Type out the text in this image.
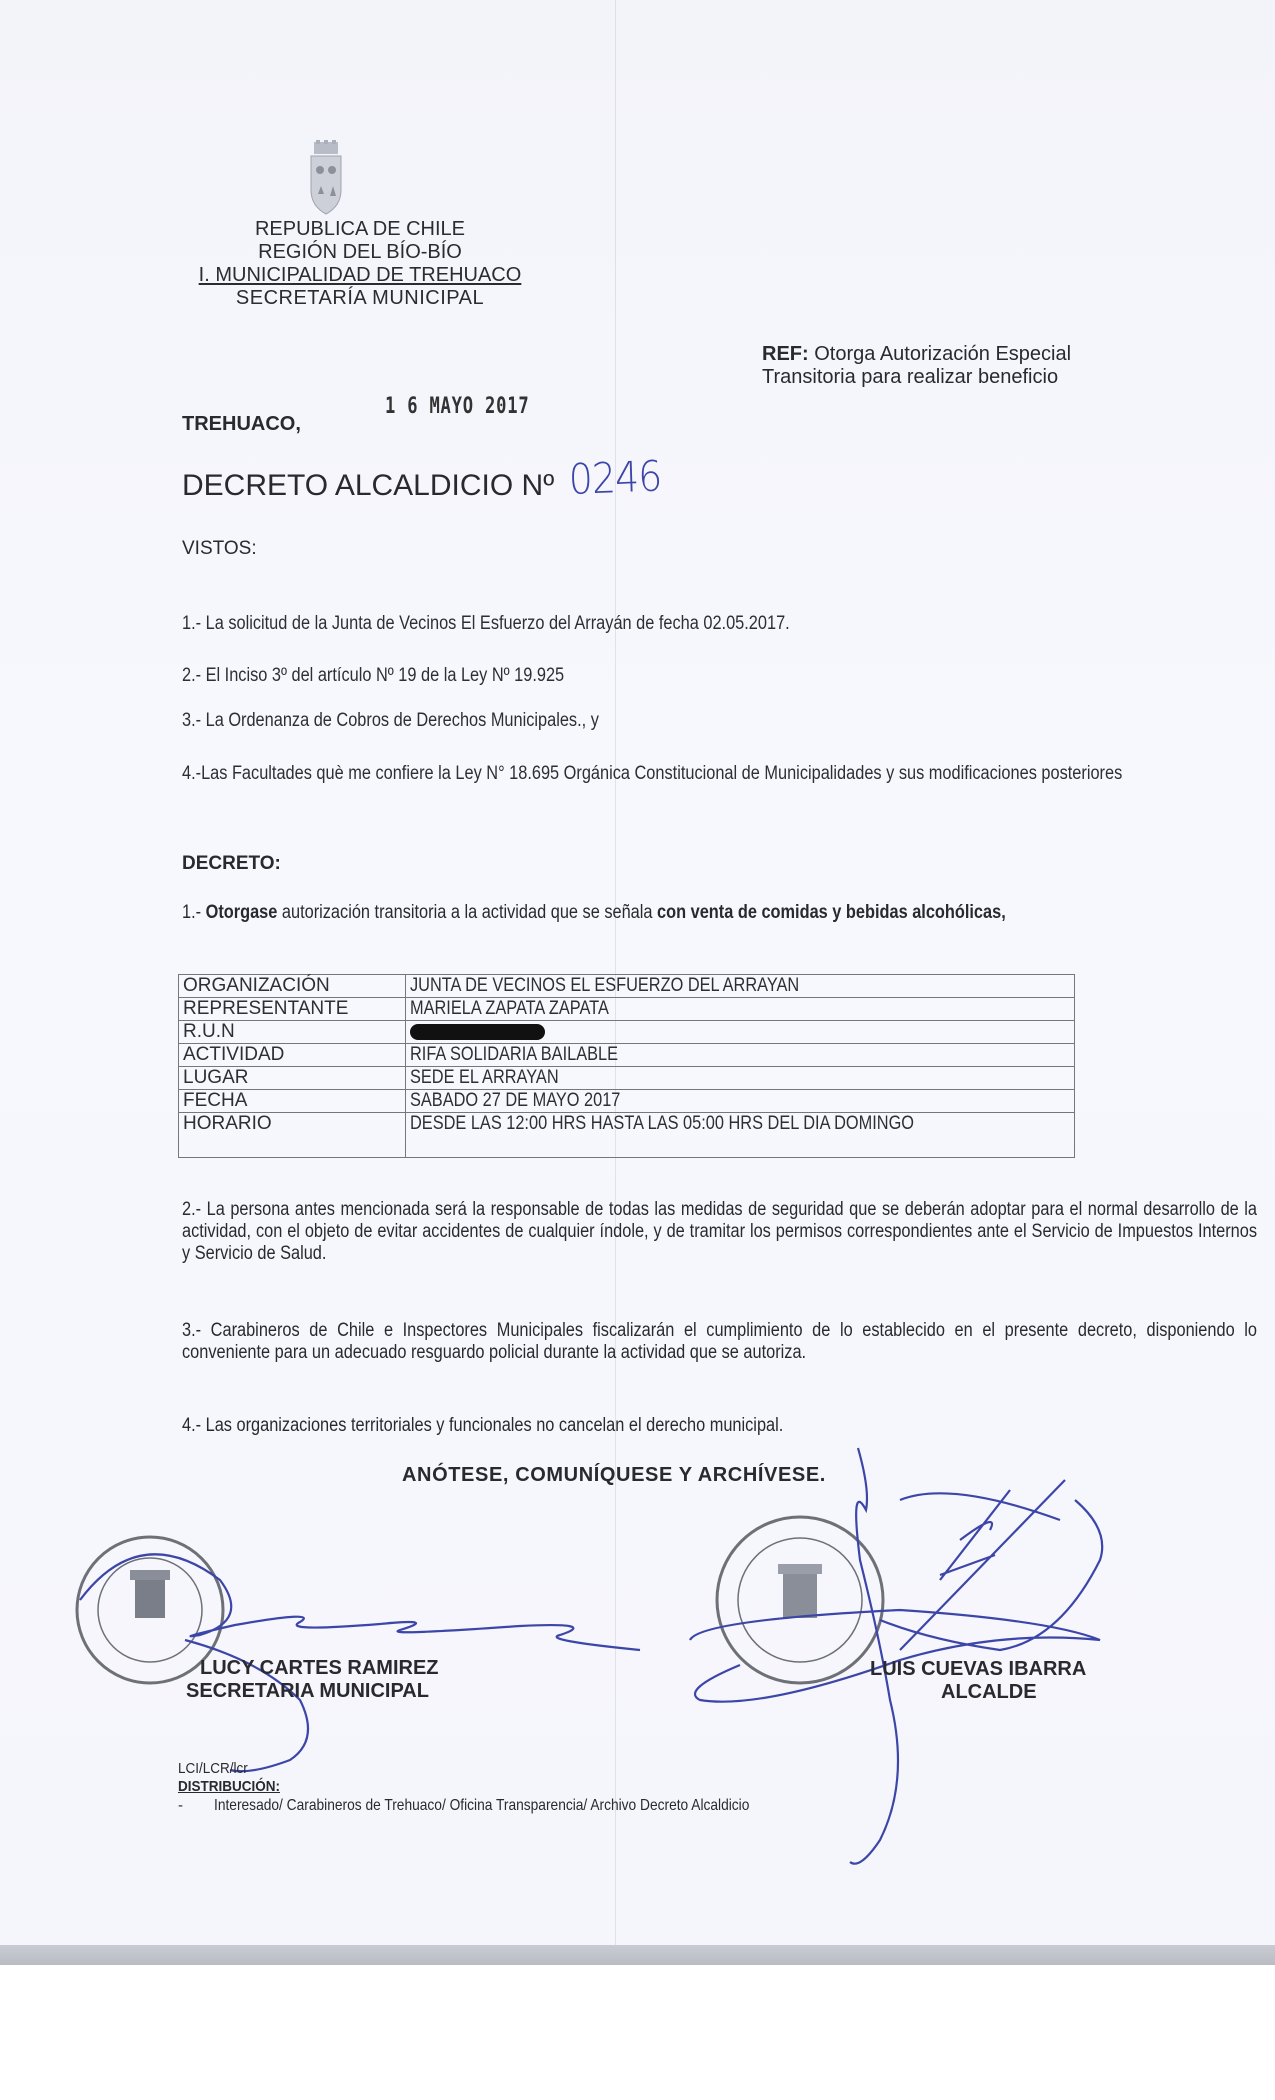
REPUBLICA DE CHILE
REGIÓN DEL BÍO-BÍO
I. MUNICIPALIDAD DE TREHUACO
SECRETARÍA MUNICIPAL
REF: Otorga Autorización Especial
Transitoria para realizar beneficio
TREHUACO,
1 6 MAYO 2017
DECRETO ALCALDICIO Nº 0246
VISTOS:
1.- La solicitud de la Junta de Vecinos El Esfuerzo del Arrayán de fecha 02.05.2017.
2.- El Inciso 3º del artículo Nº 19 de la Ley Nº 19.925
3.- La Ordenanza de Cobros de Derechos Municipales., y
4.-Las Facultades què me confiere la Ley N° 18.695 Orgánica Constitucional de Municipalidades y sus modificaciones posteriores
DECRETO:
1.- Otorgase autorización transitoria a la actividad que se señala con venta de comidas y bebidas alcohólicas,
ORGANIZACIÓN	JUNTA DE VECINOS EL ESFUERZO DEL ARRAYAN
REPRESENTANTE	MARIELA ZAPATA ZAPATA
R.U.N	
ACTIVIDAD	RIFA SOLIDARIA BAILABLE
LUGAR	SEDE EL ARRAYAN
FECHA	SABADO 27 DE MAYO 2017
HORARIO	DESDE LAS 12:00 HRS HASTA LAS 05:00 HRS DEL DIA DOMINGO
2.- La persona antes mencionada será la responsable de todas las medidas de seguridad que se deberán adoptar para el normal desarrollo de la actividad, con el objeto de evitar accidentes de cualquier índole, y de tramitar los permisos correspondientes ante el Servicio de Impuestos Internos y Servicio de Salud.
3.- Carabineros de Chile e Inspectores Municipales fiscalizarán el cumplimiento de lo establecido en el presente decreto, disponiendo lo conveniente para un adecuado resguardo policial durante la actividad que se autoriza.
4.- Las organizaciones territoriales y funcionales no cancelan el derecho municipal.
ANÓTESE, COMUNÍQUESE Y ARCHÍVESE.
LUCY CARTES RAMIREZ
SECRETARIA MUNICIPAL
LUIS CUEVAS IBARRA
ALCALDE
LCI/LCR/lcr
DISTRIBUCIÓN:
- Interesado/ Carabineros de Trehuaco/ Oficina Transparencia/ Archivo Decreto Alcaldicio
